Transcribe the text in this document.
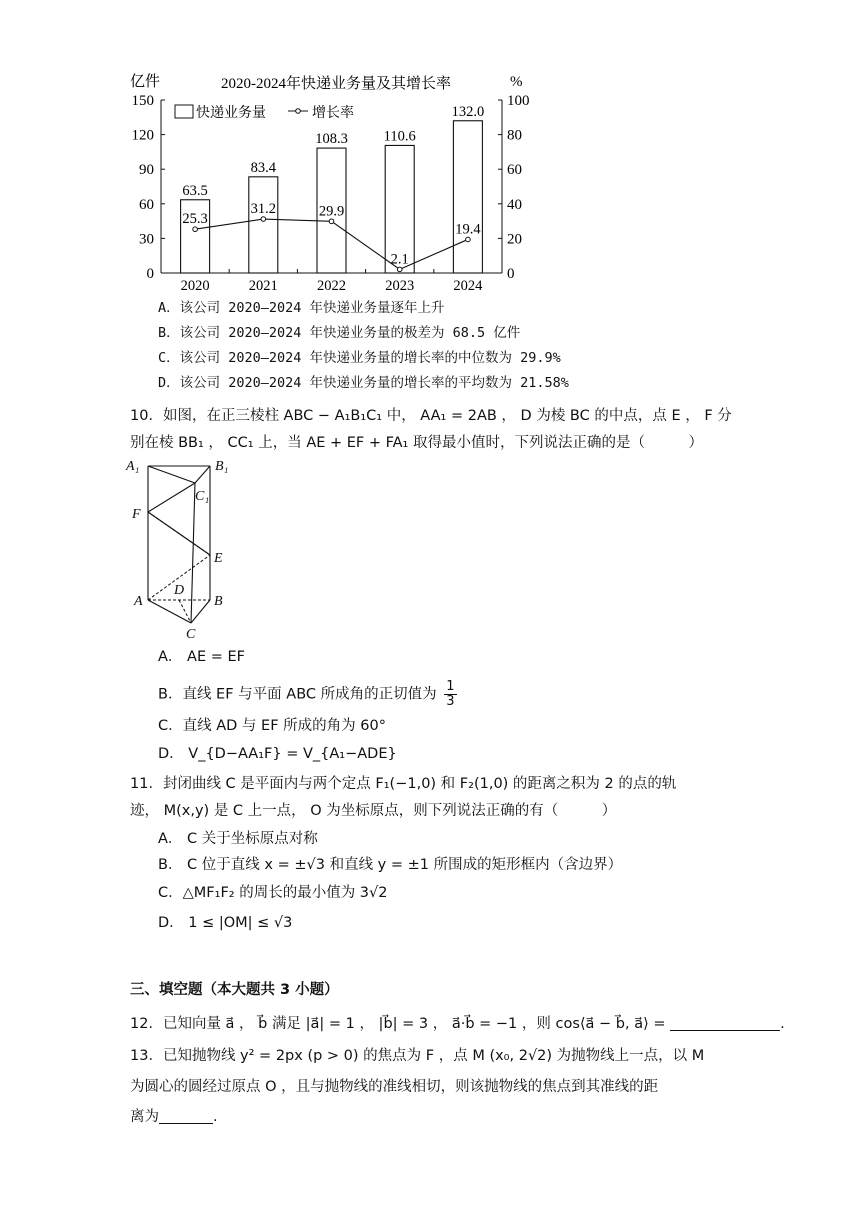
2020-2024年快递业务量及其增长率
亿件	%
0
30
60
90
120
150
0
20
40
60
80
100
2020	2021	2022	2023	2024
63.5
83.4
108.3 110.6
132.0
25.3
31.2	29.9
2.1
19.4
快递业务量	增长率
A．该公司 2020—2024 年快递业务量逐年上升
B．该公司 2020—2024 年快递业务量的极差为 68.5 亿件
C．该公司 2020—2024 年快递业务量的增长率的中位数为 29.9%
D．该公司 2020—2024 年快递业务量的增长率的平均数为 21.58%
10．如图，在正三棱柱 ABC − A₁B₁C₁ 中， AA₁ = 2AB ， D 为棱 BC 的中点，点 E ， F 分
别在棱 BB₁ ， CC₁ 上，当 AE + EF + FA₁ 取得最小值时，下列说法正确的是（　　　）
A₁	B₁
C₁
F
E
A
D
B
C
A． AE = EF
B．直线 EF 与平面 ABC 所成角的正切值为 $\frac{1}{3}$
C．直线 AD 与 EF 所成的角为 60°
D． V_{D−AA₁F} = V_{A₁−ADE}
11．封闭曲线 C 是平面内与两个定点 F₁(−1,0) 和 F₂(1,0) 的距离之积为 2 的点的轨
迹， M(x,y) 是 C 上一点， O 为坐标原点，则下列说法正确的有（　　　）
A． C 关于坐标原点对称
B． C 位于直线 x = ±√3 和直线 y = ±1 所围成的矩形框内（含边界）
C．△MF₁F₂ 的周长的最小值为 3√2
D． 1 ≤ |OM| ≤ √3
三、填空题（本大题共 3 小题）
12．已知向量 a⃗ ， b⃗ 满足 |a⃗| = 1 ， |b⃗| = 3 ， a⃗·b⃗ = −1 ，则 cos⟨a⃗ − b⃗, a⃗⟩ =	.
13．已知抛物线 y² = 2px (p > 0) 的焦点为 F ，点 M (x₀, 2√2) 为抛物线上一点，以 M
为圆心的圆经过原点 O ，且与抛物线的准线相切，则该抛物线的焦点到其准线的距
离为	.
